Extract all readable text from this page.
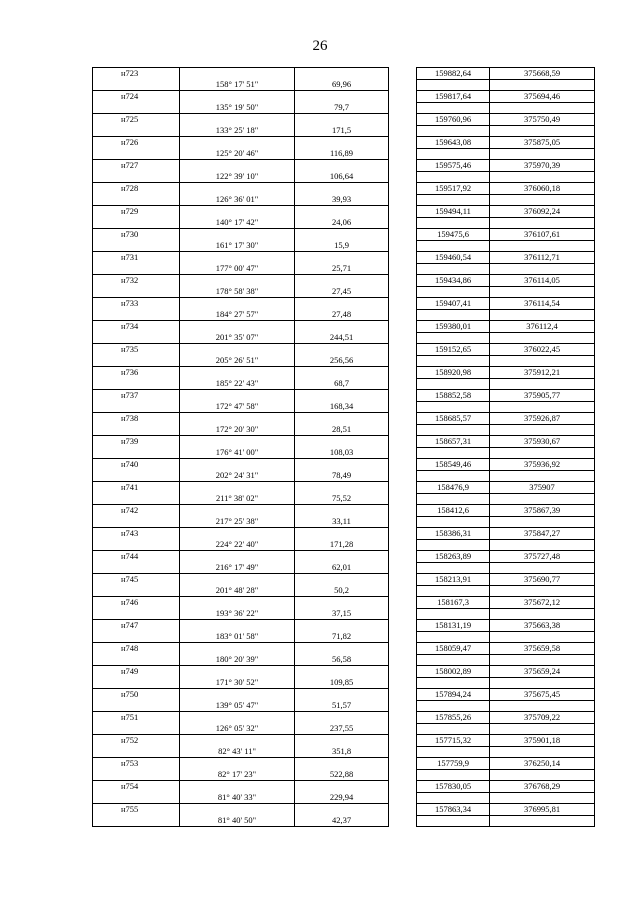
26
н723				159882,64	375668,59
	158° 17' 51"	69,96			
н724				159817,64	375694,46
	135° 19' 50"	79,7			
н725				159760,96	375750,49
	133° 25' 18"	171,5			
н726				159643,08	375875,05
	125° 20' 46"	116,89			
н727				159575,46	375970,39
	122° 39' 10"	106,64			
н728				159517,92	376060,18
	126° 36' 01"	39,93			
н729				159494,11	376092,24
	140° 17' 42"	24,06			
н730				159475,6	376107,61
	161° 17' 30"	15,9			
н731				159460,54	376112,71
	177° 00' 47"	25,71			
н732				159434,86	376114,05
	178° 58' 38"	27,45			
н733				159407,41	376114,54
	184° 27' 57"	27,48			
н734				159380,01	376112,4
	201° 35' 07"	244,51			
н735				159152,65	376022,45
	205° 26' 51"	256,56			
н736				158920,98	375912,21
	185° 22' 43"	68,7			
н737				158852,58	375905,77
	172° 47' 58"	168,34			
н738				158685,57	375926,87
	172° 20' 30"	28,51			
н739				158657,31	375930,67
	176° 41' 00"	108,03			
н740				158549,46	375936,92
	202° 24' 31"	78,49			
н741				158476,9	375907
	211° 38' 02"	75,52			
н742				158412,6	375867,39
	217° 25' 38"	33,11			
н743				158386,31	375847,27
	224° 22' 40"	171,28			
н744				158263,89	375727,48
	216° 17' 49"	62,01			
н745				158213,91	375690,77
	201° 48' 28"	50,2			
н746				158167,3	375672,12
	193° 36' 22"	37,15			
н747				158131,19	375663,38
	183° 01' 58"	71,82			
н748				158059,47	375659,58
	180° 20' 39"	56,58			
н749				158002,89	375659,24
	171° 30' 52"	109,85			
н750				157894,24	375675,45
	139° 05' 47"	51,57			
н751				157855,26	375709,22
	126° 05' 32"	237,55			
н752				157715,32	375901,18
	82° 43' 11"	351,8			
н753				157759,9	376250,14
	82° 17' 23"	522,88			
н754				157830,05	376768,29
	81° 40' 33"	229,94			
н755				157863,34	376995,81
	81° 40' 50"	42,37			
